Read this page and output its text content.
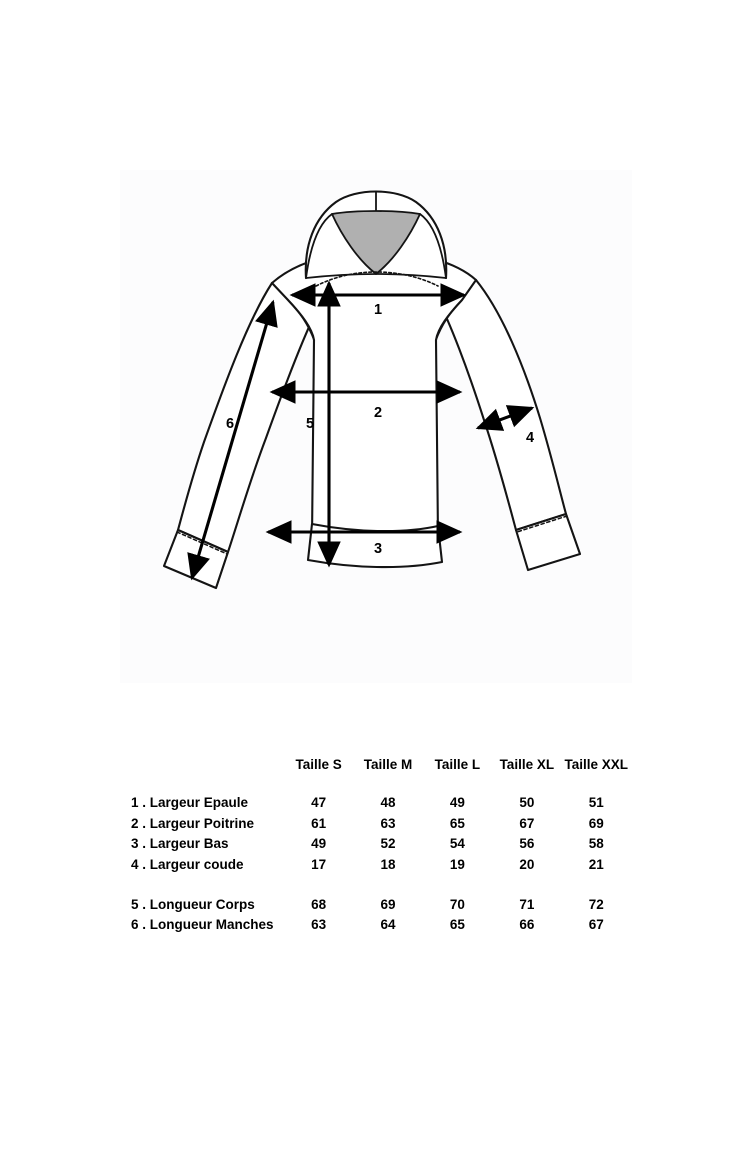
1
2
3
4
5
6
	Taille S	Taille M	Taille L	Taille XL	Taille XXL
1 . Largeur Epaule	47	48	49	50	51
2 . Largeur Poitrine	61	63	65	67	69
3 . Largeur Bas	49	52	54	56	58
4 . Largeur coude	17	18	19	20	21

5 . Longueur Corps	68	69	70	71	72
6 . Longueur Manches	63	64	65	66	67
